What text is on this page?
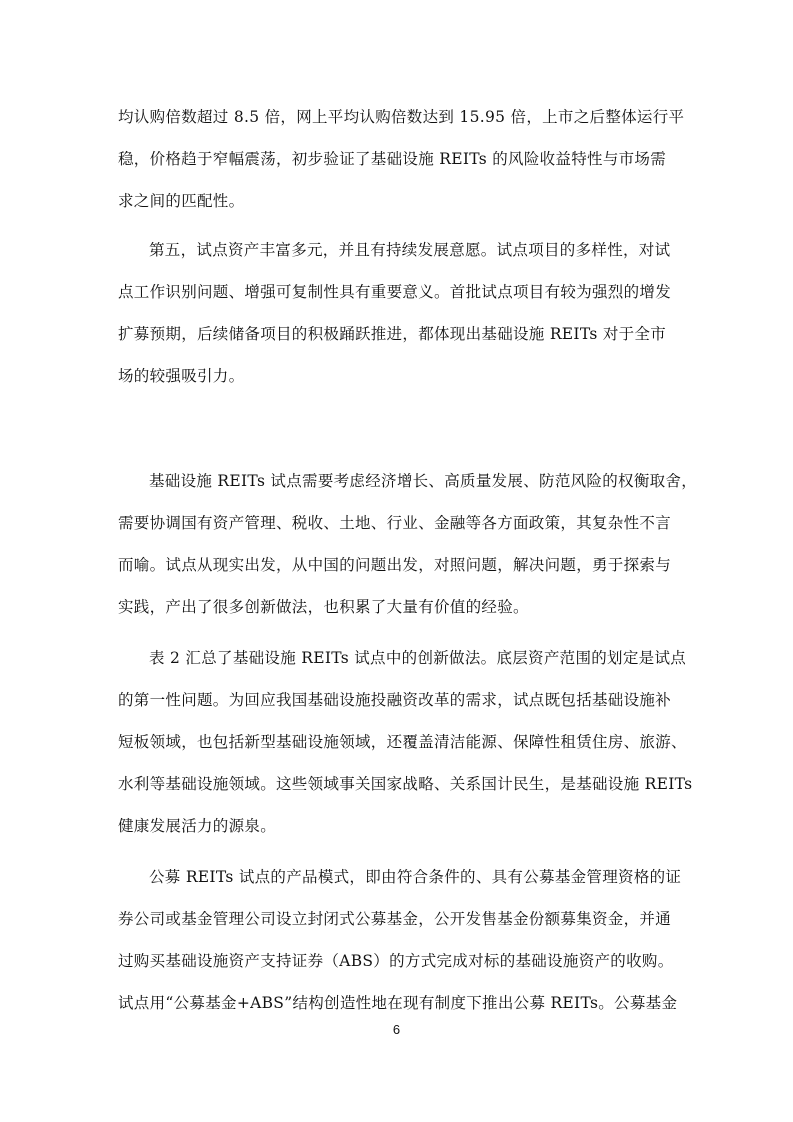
均认购倍数超过 8.5 倍，网上平均认购倍数达到 15.95 倍，上市之后整体运行平
稳，价格趋于窄幅震荡，初步验证了基础设施 REITs 的风险收益特性与市场需
求之间的匹配性。

第五，试点资产丰富多元，并且有持续发展意愿。试点项目的多样性，对试
点工作识别问题、增强可复制性具有重要意义。首批试点项目有较为强烈的增发
扩募预期，后续储备项目的积极踊跃推进，都体现出基础设施 REITs 对于全市
场的较强吸引力。

基础设施 REITs 试点需要考虑经济增长、高质量发展、防范风险的权衡取舍，
需要协调国有资产管理、税收、土地、行业、金融等各方面政策，其复杂性不言
而喻。试点从现实出发，从中国的问题出发，对照问题，解决问题，勇于探索与
实践，产出了很多创新做法，也积累了大量有价值的经验。

表 2 汇总了基础设施 REITs 试点中的创新做法。底层资产范围的划定是试点
的第一性问题。为回应我国基础设施投融资改革的需求，试点既包括基础设施补
短板领域，也包括新型基础设施领域，还覆盖清洁能源、保障性租赁住房、旅游、
水利等基础设施领域。这些领域事关国家战略、关系国计民生，是基础设施 REITs
健康发展活力的源泉。

公募 REITs 试点的产品模式，即由符合条件的、具有公募基金管理资格的证
券公司或基金管理公司设立封闭式公募基金，公开发售基金份额募集资金，并通
过购买基础设施资产支持证券（ABS）的方式完成对标的基础设施资产的收购。
试点用“公募基金+ABS”结构创造性地在现有制度下推出公募 REITs。公募基金

6
